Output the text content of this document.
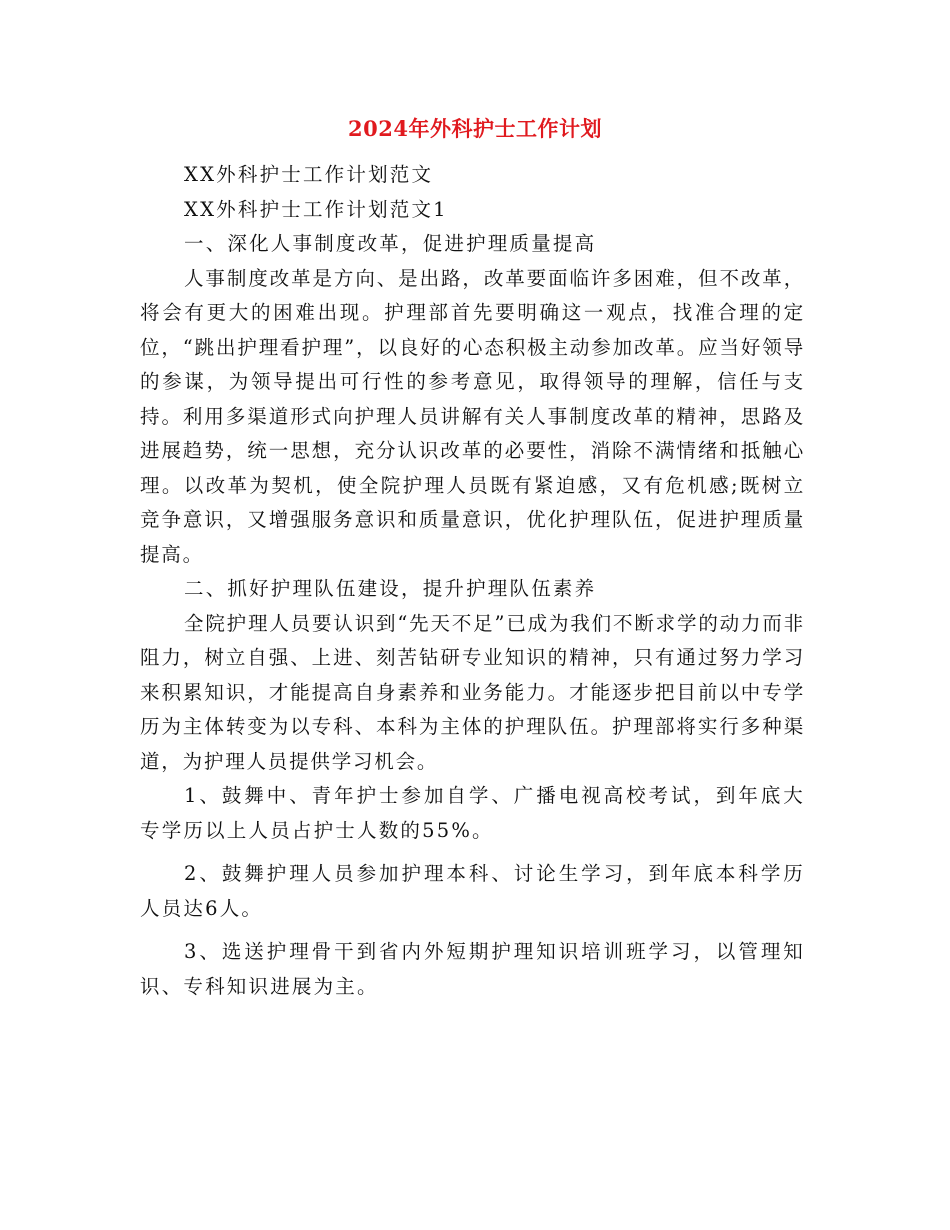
2024年外科护士工作计划

XX外科护士工作计划范文

XX外科护士工作计划范文1

一、深化人事制度改革，促进护理质量提高

人事制度改革是方向、是出路，改革要面临许多困难，但不改革，将会有更大的困难出现。护理部首先要明确这一观点，找准合理的定位，“跳出护理看护理”，以良好的心态积极主动参加改革。应当好领导的参谋，为领导提出可行性的参考意见，取得领导的理解，信任与支持。利用多渠道形式向护理人员讲解有关人事制度改革的精神，思路及进展趋势，统一思想，充分认识改革的必要性，消除不满情绪和抵触心理。以改革为契机，使全院护理人员既有紧迫感，又有危机感;既树立竞争意识，又增强服务意识和质量意识，优化护理队伍，促进护理质量提高。

二、抓好护理队伍建设，提升护理队伍素养

全院护理人员要认识到“先天不足”已成为我们不断求学的动力而非阻力，树立自强、上进、刻苦钻研专业知识的精神，只有通过努力学习来积累知识，才能提高自身素养和业务能力。才能逐步把目前以中专学历为主体转变为以专科、本科为主体的护理队伍。护理部将实行多种渠道，为护理人员提供学习机会。

1、鼓舞中、青年护士参加自学、广播电视高校考试，到年底大专学历以上人员占护士人数的55%。

2、鼓舞护理人员参加护理本科、讨论生学习，到年底本科学历人员达6人。

3、选送护理骨干到省内外短期护理知识培训班学习，以管理知识、专科知识进展为主。
